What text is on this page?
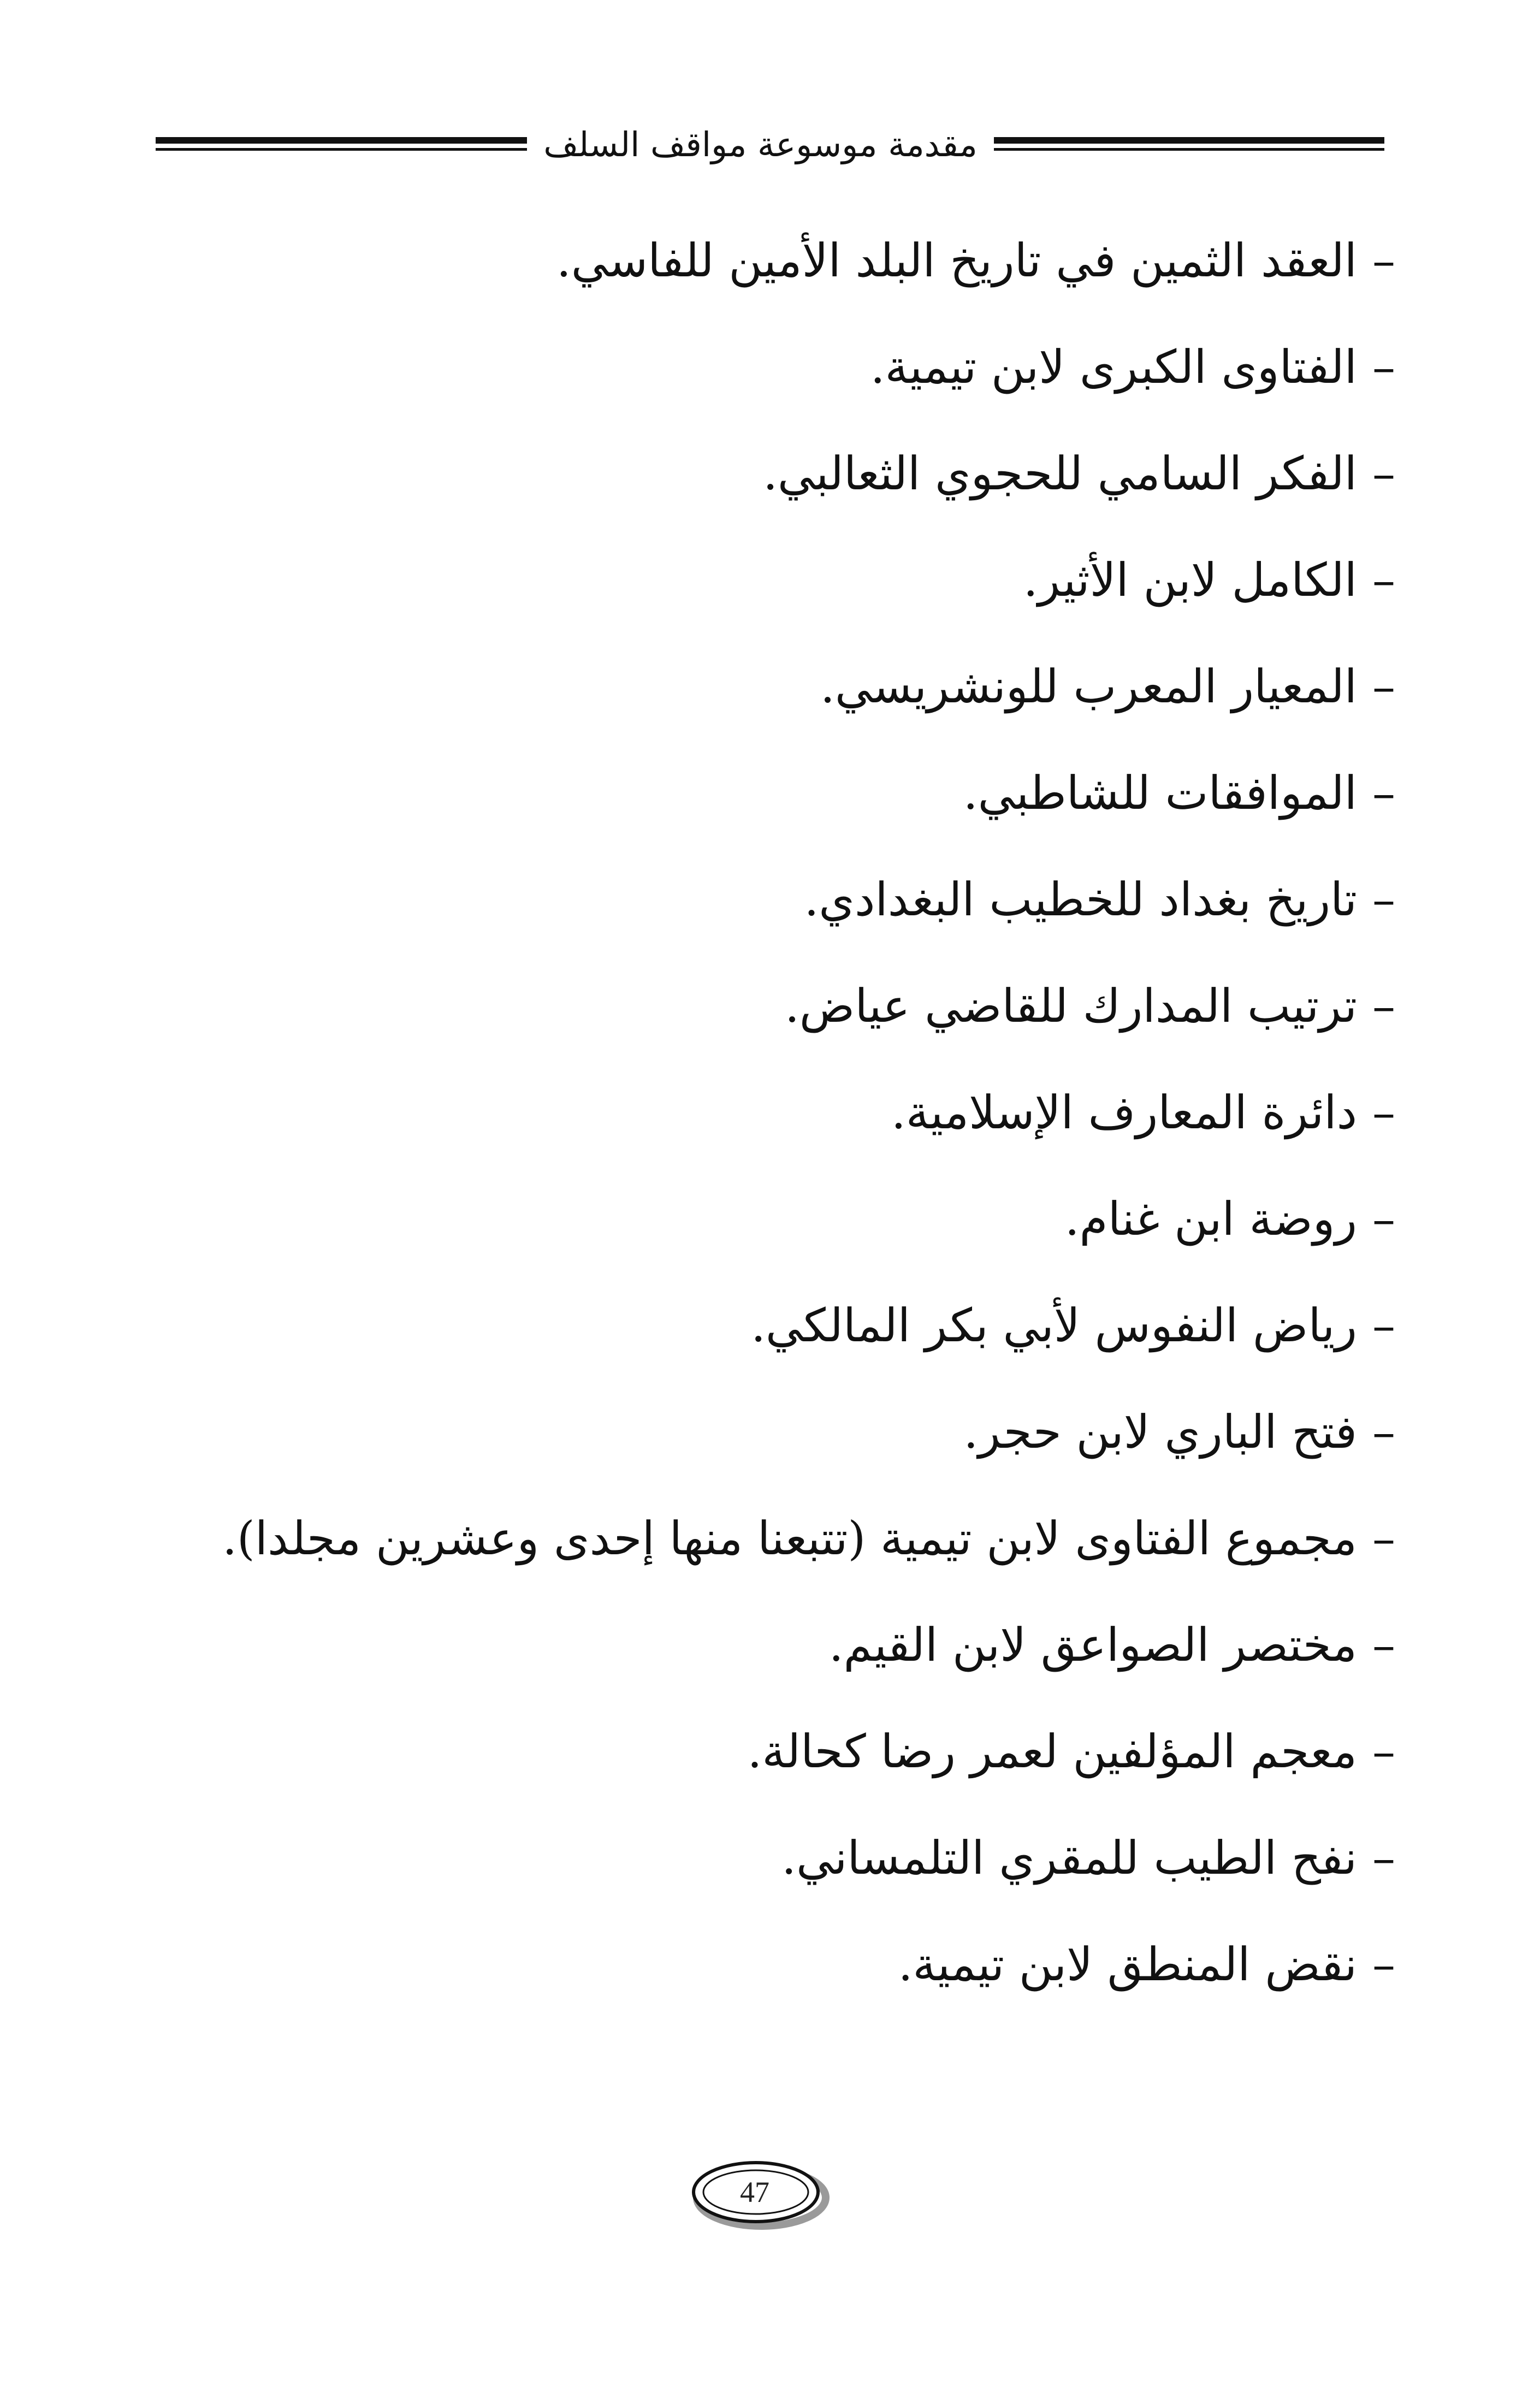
مقدمة موسوعة مواقف السلف
–العقد الثمين في تاريخ البلد الأمين للفاسي.
–الفتاوى الكبرى لابن تيمية.
–الفكر السامي للحجوي الثعالبي.
–الكامل لابن الأثير.
–المعيار المعرب للونشريسي.
–الموافقات للشاطبي.
–تاريخ بغداد للخطيب البغدادي.
–ترتيب المدارك للقاضي عياض.
–دائرة المعارف الإسلامية.
–روضة ابن غنام.
–رياض النفوس لأبي بكر المالكي.
–فتح الباري لابن حجر.
–مجموع الفتاوى لابن تيمية (تتبعنا منها إحدى وعشرين مجلدا).
–مختصر الصواعق لابن القيم.
–معجم المؤلفين لعمر رضا كحالة.
–نفح الطيب للمقري التلمساني.
–نقض المنطق لابن تيمية.
47
